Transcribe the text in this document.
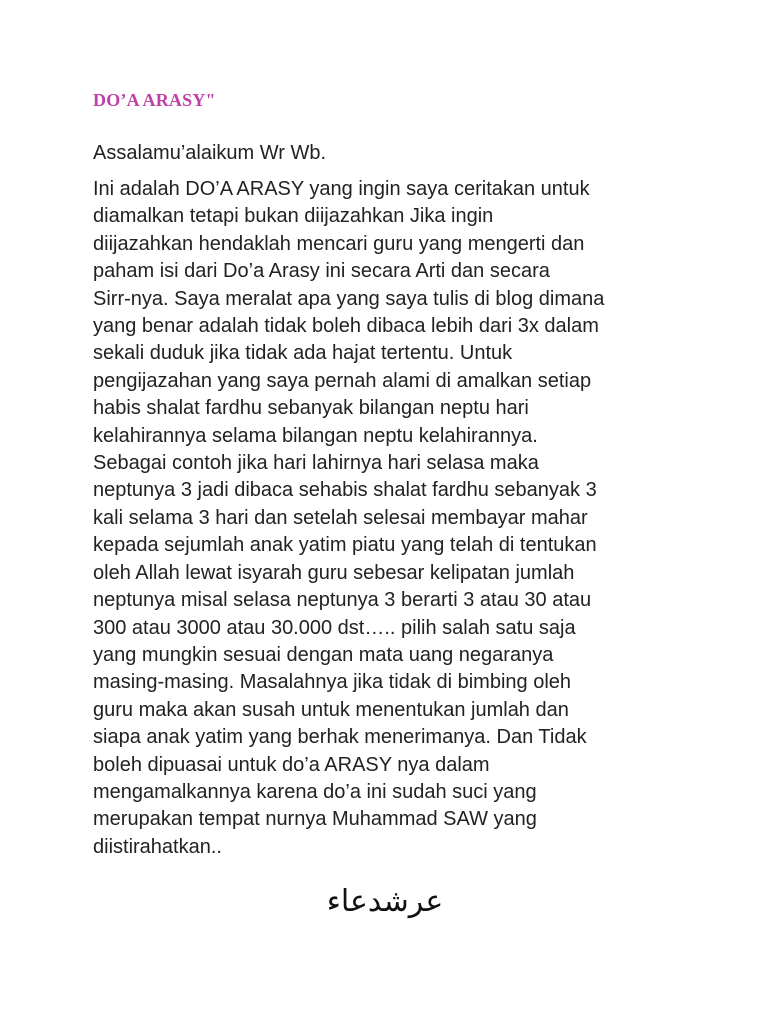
DO’A ARASY"

Assalamu’alaikum Wr Wb.

Ini adalah DO’A ARASY yang ingin saya ceritakan untuk
diamalkan tetapi bukan diijazahkan Jika ingin
diijazahkan hendaklah mencari guru yang mengerti dan
paham isi dari Do’a Arasy ini secara Arti dan secara
Sirr-nya. Saya meralat apa yang saya tulis di blog dimana
yang benar adalah tidak boleh dibaca lebih dari 3x dalam
sekali duduk jika tidak ada hajat tertentu. Untuk
pengijazahan yang saya pernah alami di amalkan setiap
habis shalat fardhu sebanyak bilangan neptu hari
kelahirannya selama bilangan neptu kelahirannya.
Sebagai contoh jika hari lahirnya hari selasa maka
neptunya 3 jadi dibaca sehabis shalat fardhu sebanyak 3
kali selama 3 hari dan setelah selesai membayar mahar
kepada sejumlah anak yatim piatu yang telah di tentukan
oleh Allah lewat isyarah guru sebesar kelipatan jumlah
neptunya misal selasa neptunya 3 berarti 3 atau 30 atau
300 atau 3000 atau 30.000 dst….. pilih salah satu saja
yang mungkin sesuai dengan mata uang negaranya
masing-masing. Masalahnya jika tidak di bimbing oleh
guru maka akan susah untuk menentukan jumlah dan
siapa anak yatim yang berhak menerimanya. Dan Tidak
boleh dipuasai untuk do’a ARASY nya dalam
mengamalkannya karena do’a ini sudah suci yang
merupakan tempat nurnya Muhammad SAW yang
diistirahatkan..

عرشدعاء
